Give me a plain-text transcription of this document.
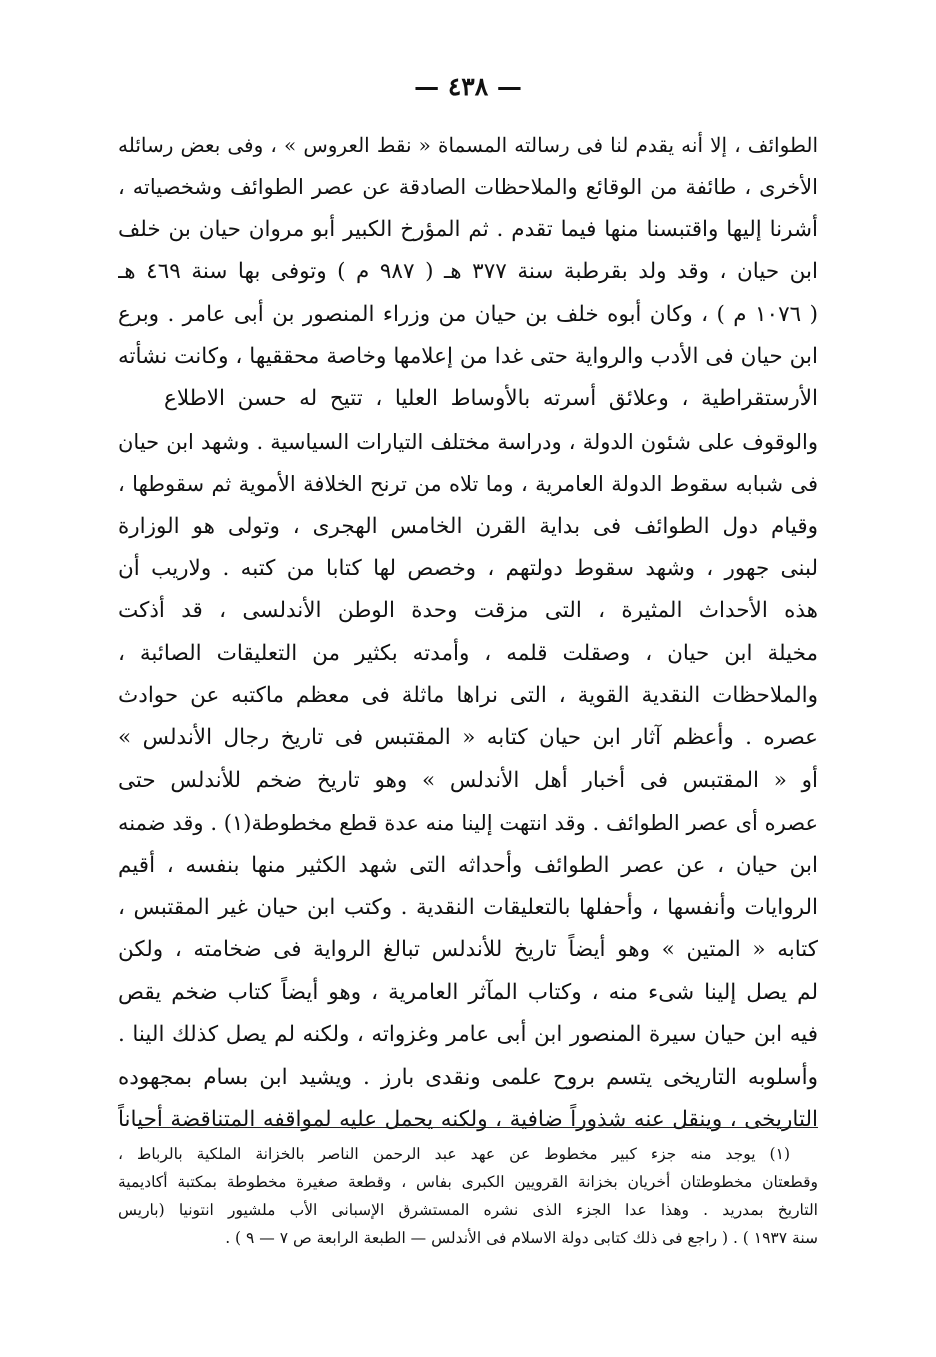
— ٤٣٨ —
الطوائف ، إلا أنه يقدم لنا فى رسالته المسماة « نقط العروس » ، وفى بعض رسائله
الأخرى ، طائفة من الوقائع والملاحظات الصادقة عن عصر الطوائف وشخصياته ،
أشرنا إليها واقتبسنا منها فيما تقدم . ثم المؤرخ الكبير أبو مروان حيان بن خلف
ابن حيان ، وقد ولد بقرطبة سنة ٣٧٧ هـ ( ٩٨٧ م ) وتوفى بها سنة ٤٦٩ هـ
( ١٠٧٦ م ) ، وكان أبوه خلف بن حيان من وزراء المنصور بن أبى عامر . وبرع
ابن حيان فى الأدب والرواية حتى غدا من إعلامها وخاصة محققيها ، وكانت نشأته
الأرستقراطية ، وعلائق أسرته بالأوساط العليا ، تتيح له حسن الاطلاع
والوقوف على شئون الدولة ، ودراسة مختلف التيارات السياسية . وشهد ابن حيان
فى شبابه سقوط الدولة العامرية ، وما تلاه من ترنح الخلافة الأموية ثم سقوطها ،
وقيام دول الطوائف فى بداية القرن الخامس الهجرى ، وتولى هو الوزارة
لبنى جهور ، وشهد سقوط دولتهم ، وخصص لها كتابا من كتبه . ولاريب أن
هذه الأحداث المثيرة ، التى مزقت وحدة الوطن الأندلسى ، قد أذكت
مخيلة ابن حيان ، وصقلت قلمه ، وأمدته بكثير من التعليقات الصائبة ،
والملاحظات النقدية القوية ، التى نراها ماثلة فى معظم ماكتبه عن حوادث
عصره . وأعظم آثار ابن حيان كتابه « المقتبس فى تاريخ رجال الأندلس »
أو « المقتبس فى أخبار أهل الأندلس » وهو تاريخ ضخم للأندلس حتى
عصره أى عصر الطوائف . وقد انتهت إلينا منه عدة قطع مخطوطة(١) . وقد ضمنه
ابن حيان ، عن عصر الطوائف وأحداثه التى شهد الكثير منها بنفسه ، أقيم
الروايات وأنفسها ، وأحفلها بالتعليقات النقدية . وكتب ابن حيان غير المقتبس ،
كتابه « المتين » وهو أيضاً تاريخ للأندلس تبالغ الرواية فى ضخامته ، ولكن
لم يصل إلينا شىء منه ، وكتاب المآثر العامرية ، وهو أيضاً كتاب ضخم يقص
فيه ابن حيان سيرة المنصور ابن أبى عامر وغزواته ، ولكنه لم يصل كذلك الينا .
وأسلوبه التاريخى يتسم بروح علمى ونقدى بارز . ويشيد ابن بسام بمجهوده
التاريخى ، وينقل عنه شذوراً ضافية ، ولكنه يحمل عليه لمواقفه المتناقضة أحياناً
(١) يوجد منه جزء كبير مخطوط عن عهد عبد الرحمن الناصر بالخزانة الملكية بالرباط ،
وقطعتان مخطوطتان أخريان بخزانة القرويين الكبرى بفاس ، وقطعة صغيرة مخطوطة بمكتبة أكاديمية
التاريخ بمدريد . وهذا عدا الجزء الذى نشره المستشرق الإسبانى الأب ملشيور انتونيا (باريس
سنة ١٩٣٧ ) . ( راجع فى ذلك كتابى دولة الاسلام فى الأندلس — الطبعة الرابعة ص ٧ — ٩ ) .
